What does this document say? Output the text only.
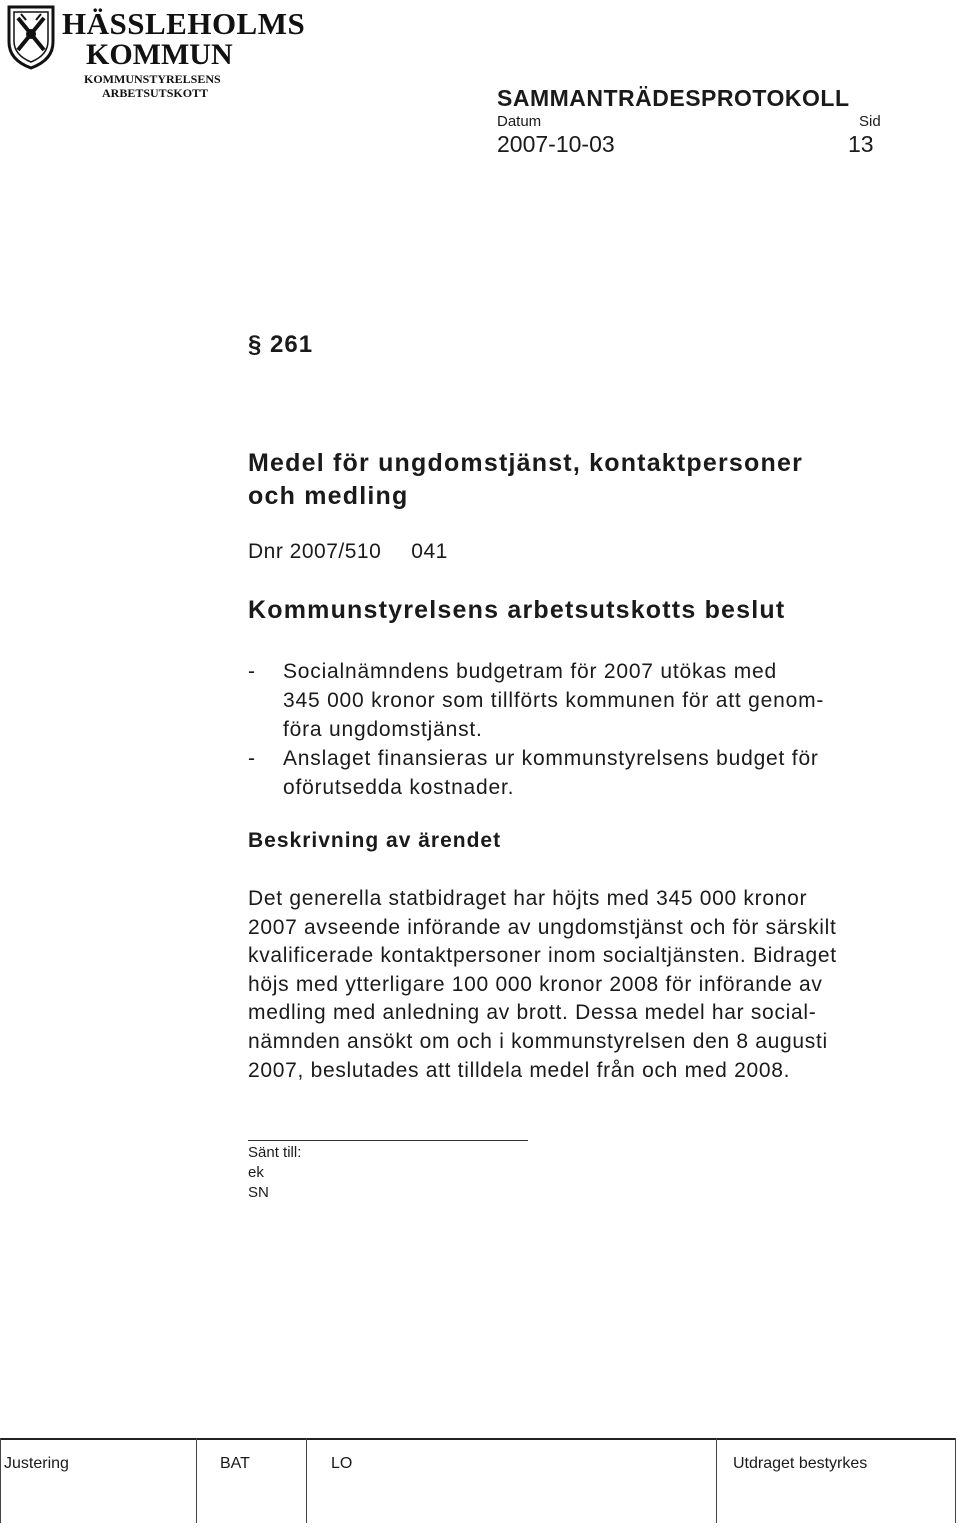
HÄSSLEHOLMS
KOMMUN
KOMMUNSTYRELSENS
ARBETSUTSKOTT	SAMMANTRÄDESPROTOKOLL
Datum	Sid
2007-10-03	13
§ 261
Medel för ungdomstjänst, kontaktpersoner
och medling
Dnr 2007/510 041
Kommunstyrelsens arbetsutskotts beslut
- Socialnämndens budgetram för 2007 utökas med
345 000 kronor som tillförts kommunen för att genom-
föra ungdomstjänst.
- Anslaget finansieras ur kommunstyrelsens budget för
oförutsedda kostnader.
Beskrivning av ärendet
Det generella statbidraget har höjts med 345 000 kronor
2007 avseende införande av ungdomstjänst och för särskilt
kvalificerade kontaktpersoner inom socialtjänsten. Bidraget
höjs med ytterligare 100 000 kronor 2008 för införande av
medling med anledning av brott. Dessa medel har social-
nämnden ansökt om och i kommunstyrelsen den 8 augusti
2007, beslutades att tilldela medel från och med 2008.
Sänt till:
ek
SN
Justering	BAT	LO	Utdraget bestyrkes
